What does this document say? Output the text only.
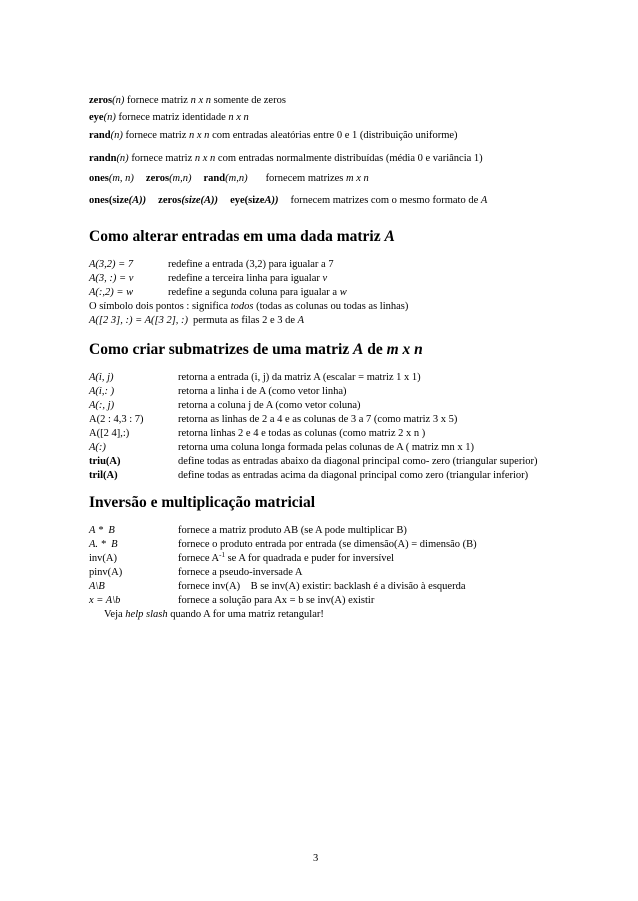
zeros(n) fornece matriz n x n somente de zeros
eye(n) fornece matriz identidade n x n
rand(n) fornece matriz n x n com entradas aleatórias entre 0 e 1 (distribuição uniforme)
randn(n) fornece matriz n x n com entradas normalmente distribuídas (média 0 e variância 1)
ones(m, n) zeros(m,n) rand(m,n) fornecem matrizes m x n
ones(size(A)) zeros(size(A)) eye(sizeA)) fornecem matrizes com o mesmo formato de A
Como alterar entradas em uma dada matriz A
A(3,2) = 7	redefine a entrada (3,2) para igualar a 7
A(3, :) = v	redefine a terceira linha para igualar v
A(:,2) = w	redefine a segunda coluna para igualar a w
O símbolo dois pontos : significa todos (todas as colunas ou todas as linhas)
A([2 3], :) = A([3 2], :) permuta as filas 2 e 3 de A
Como criar submatrizes de uma matriz A de m x n
A(i, j)	retorna a entrada (i, j) da matriz A (escalar = matriz 1 x 1)
A(i,: )	retorna a linha i de A (como vetor linha)
A(:, j)	retorna a coluna j de A (como vetor coluna)
A(2 : 4,3 : 7)	retorna as linhas de 2 a 4 e as colunas de 3 a 7 (como matriz 3 x 5)
A([2 4],:)	retorna linhas 2 e 4 e todas as colunas (como matriz 2 x n )
A(:)	retorna uma coluna longa formada pelas colunas de A ( matriz mn x 1)
triu(A)	define todas as entradas abaixo da diagonal principal como- zero (triangular superior)
tril(A)	define todas as entradas acima da diagonal principal como zero (triangular inferior)
Inversão e multiplicação matricial
A *  B	fornece a matriz produto AB (se A pode multiplicar B)
A. *  B	fornece o produto entrada por entrada (se dimensão(A) = dimensão (B)
inv(A)	fornece A-1 se A for quadrada e puder for inversível
pinv(A)	fornece a pseudo-inversade A
A\B	fornece inv(A)    B se inv(A) existir: backlash é a divisão à esquerda
x = A\b	fornece a solução para Ax = b se inv(A) existir
Veja help slash quando A for uma matriz retangular!
3
